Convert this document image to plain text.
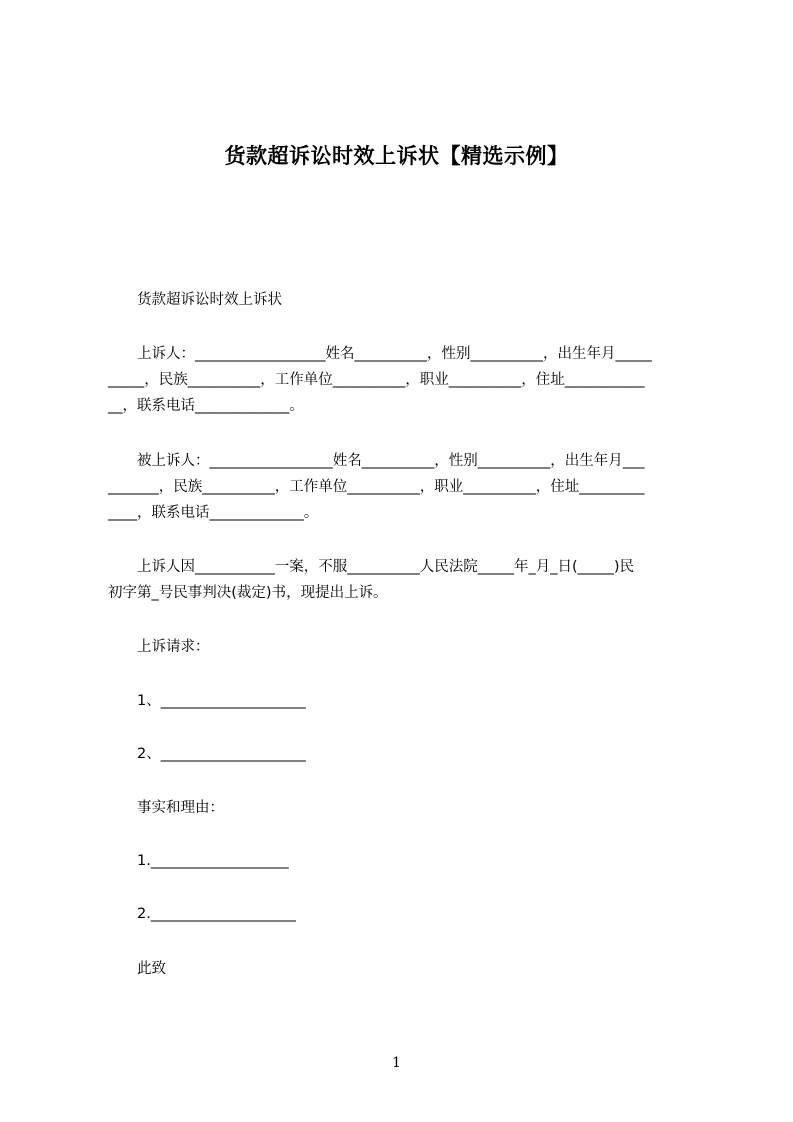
货款超诉讼时效上诉状【精选示例】
货款超诉讼时效上诉状
上诉人：__________________姓名__________，性别__________，出生年月_____
_____，民族__________，工作单位__________，职业__________，住址___________
__，联系电话_____________。
被上诉人：_________________姓名__________，性别__________，出生年月___
_______，民族__________，工作单位__________，职业__________，住址_________
____，联系电话_____________。
上诉人因___________一案，不服__________人民法院_____年_月_日(_____)民
初字第_号民事判决(裁定)书，现提出上诉。
上诉请求：
1、____________________
2、____________________
事实和理由：
1.___________________
2.____________________
此致
1
